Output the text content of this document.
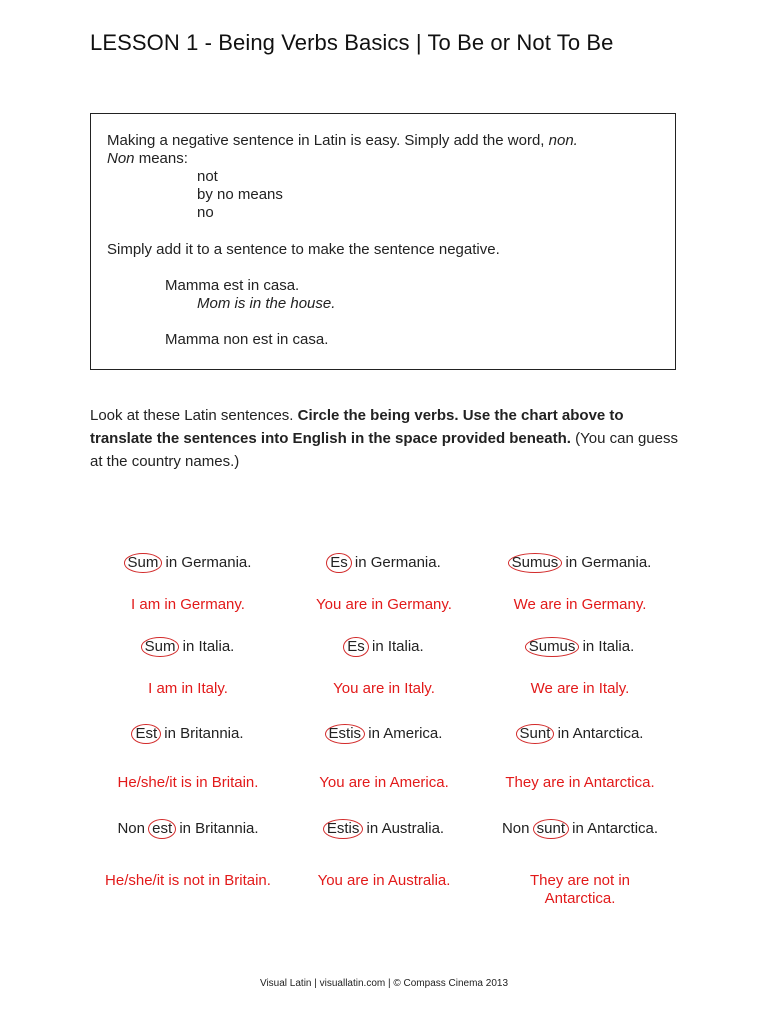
LESSON 1 - Being Verbs Basics | To Be or Not To Be
Making a negative sentence in Latin is easy. Simply add the word, non.
Non means:
not
by no means
no
Simply add it to a sentence to make the sentence negative.
Mamma est in casa.
Mom is in the house.
Mamma non est in casa.

Look at these Latin sentences. Circle the being verbs. Use the chart above to translate the sentences into English in the space provided beneath. (You can guess at the country names.)

Sum in Germania.	Es in Germania.	Sumus in Germania.
I am in Germany.	You are in Germany.	We are in Germany.
Sum in Italia.	Es in Italia.	Sumus in Italia.
I am in Italy.	You are in Italy.	We are in Italy.
Est in Britannia.	Estis in America.	Sunt in Antarctica.
He/she/it is in Britain.	You are in America.	They are in Antarctica.
Non est in Britannia.	Estis in Australia.	Non sunt in Antarctica.
He/she/it is not in Britain.	You are in Australia.	They are not in Antarctica.
Visual Latin | visuallatin.com | © Compass Cinema 2013
